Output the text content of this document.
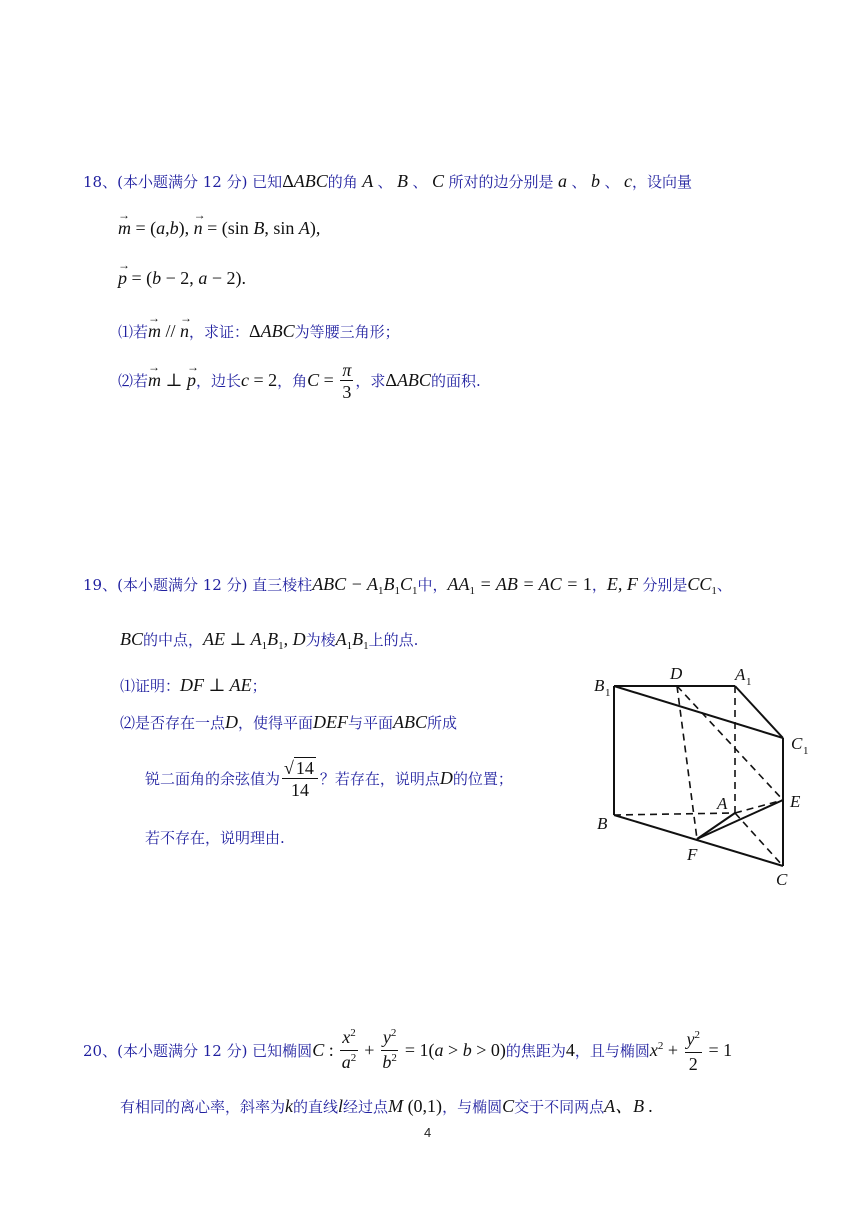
18、(本小题满分 12 分) 已知ΔABC的角 A 、 B 、 C 所对的边分别是 a 、 b 、 c，设向量
→ m = (a,b), → n = (sin B, sin A),
→ p = (b − 2, a − 2).
⑴若→ m // → n，求证：ΔABC为等腰三角形；
⑵若→ m ⊥ → p，边长c = 2，角$C = \frac{\pi}{3}$ ，求ΔABC的面积.
19、(本小题满分 12 分) 直三棱柱ABC − $A_1B_1C_1$中，$AA_1$ = AB = AC = 1，E, F 分别是$CC_1$、
BC的中点，AE ⊥ $A_1B_1$, D为棱$A_1B_1$上的点.
⑴证明：DF ⊥ AE；
⑵是否存在一点D，使得平面DEF与平面ABC所成
锐二面角的余弦值为 $\frac{√ 14}{14}$ ？若存在，说明点D的位置；
若不存在，说明理由.
D	A 1
B 1
C 1
E
A
B
F
C
20、(本小题满分 12 分) 已知椭圆C : $\frac{x^2}{a^2} + \frac{y^2}{b^2} = 1(a > b > 0)$的焦距为4，且与椭圆$x^2 + \frac{y^2}{2} = 1$
有相同的离心率，斜率为k的直线l经过点M (0,1)，与椭圆C交于不同两点A、B .
4
